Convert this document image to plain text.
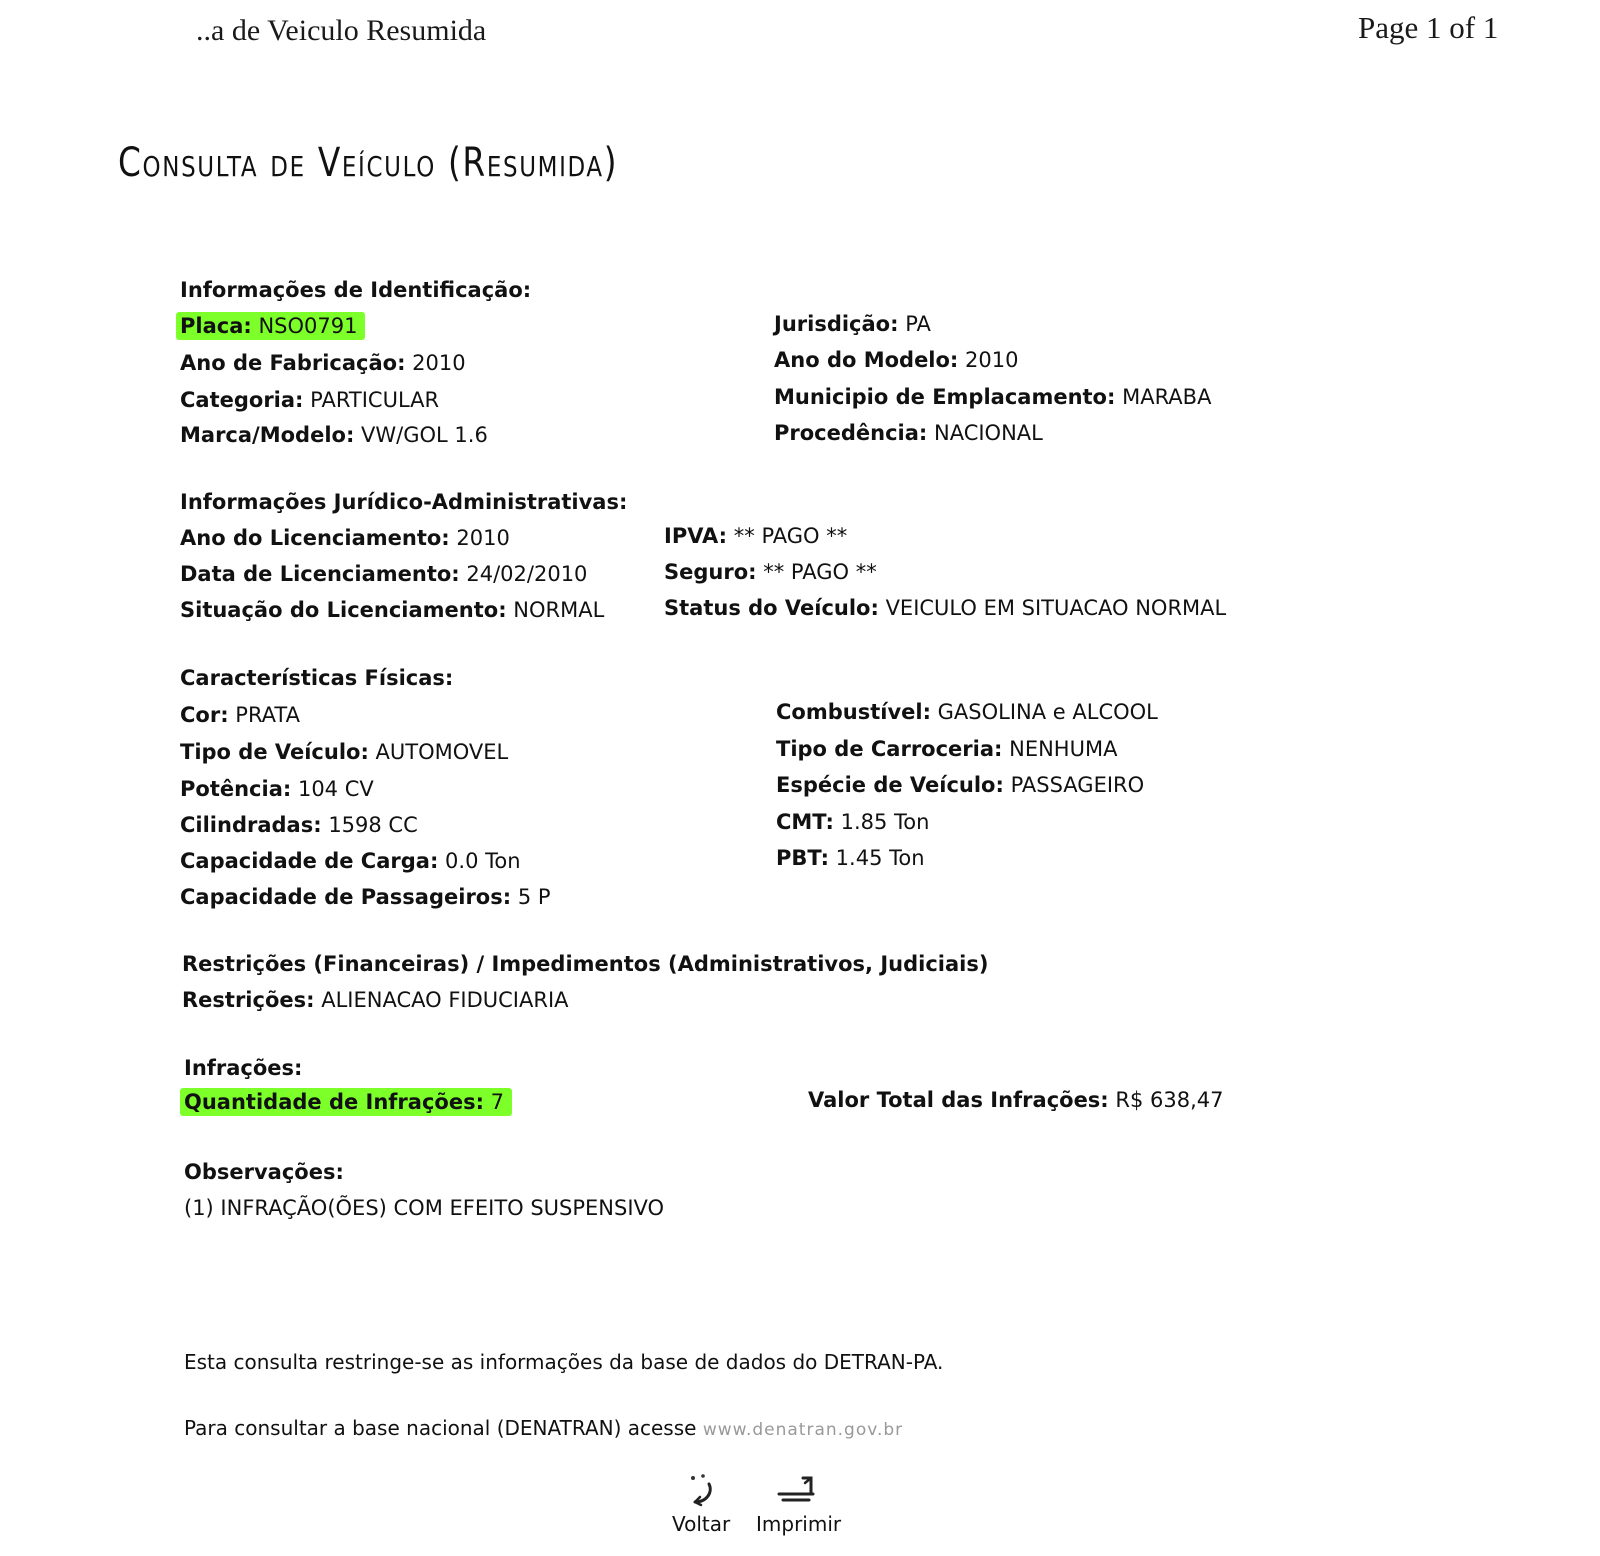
..a de Veiculo Resumida	Page 1 of 1
Consulta de Veículo (Resumida)
Informações de Identificação:
Placa: NSO0791	Jurisdição: PA
Ano de Fabricação: 2010	Ano do Modelo: 2010
Categoria: PARTICULAR	Municipio de Emplacamento: MARABA
Marca/Modelo: VW/GOL 1.6	Procedência: NACIONAL
Informações Jurídico-Administrativas:
Ano do Licenciamento: 2010	IPVA: ** PAGO **
Data de Licenciamento: 24/02/2010	Seguro: ** PAGO **
Situação do Licenciamento: NORMAL	Status do Veículo: VEICULO EM SITUACAO NORMAL
Características Físicas:
Cor: PRATA	Combustível: GASOLINA e ALCOOL
Tipo de Veículo: AUTOMOVEL	Tipo de Carroceria: NENHUMA
Potência: 104 CV	Espécie de Veículo: PASSAGEIRO
Cilindradas: 1598 CC	CMT: 1.85 Ton
Capacidade de Carga: 0.0 Ton	PBT: 1.45 Ton
Capacidade de Passageiros: 5 P
Restrições (Financeiras) / Impedimentos (Administrativos, Judiciais)
Restrições: ALIENACAO FIDUCIARIA
Infrações:
Quantidade de Infrações: 7	Valor Total das Infrações: R$ 638,47
Observações:
(1) INFRAÇÃO(ÕES) COM EFEITO SUSPENSIVO
Esta consulta restringe-se as informações da base de dados do DETRAN-PA.
Para consultar a base nacional (DENATRAN) acesse www.denatran.gov.br
Voltar Imprimir
